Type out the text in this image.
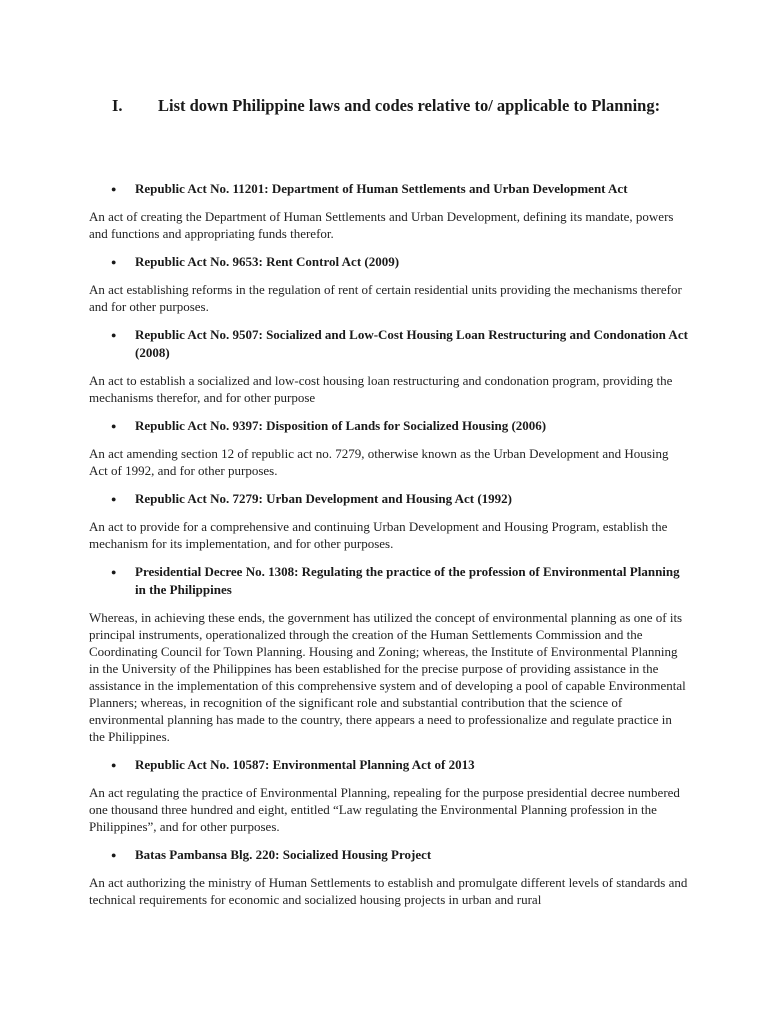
I.	List down Philippine laws and codes relative to/ applicable to Planning:
●	Republic Act No. 11201: Department of Human Settlements and Urban Development Act
An act of creating the Department of Human Settlements and Urban Development, defining its mandate, powers and functions and appropriating funds therefor.
●	Republic Act No. 9653: Rent Control Act (2009)
An act establishing reforms in the regulation of rent of certain residential units providing the mechanisms therefor and for other purposes.
●	Republic Act No. 9507: Socialized and Low-Cost Housing Loan Restructuring and Condonation Act (2008)
An act to establish a socialized and low-cost housing loan restructuring and condonation program, providing the mechanisms therefor, and for other purpose
●	Republic Act No. 9397: Disposition of Lands for Socialized Housing (2006)
An act amending section 12 of republic act no. 7279, otherwise known as the Urban Development and Housing Act of 1992, and for other purposes.
●	Republic Act No. 7279: Urban Development and Housing Act (1992)
An act to provide for a comprehensive and continuing Urban Development and Housing Program, establish the mechanism for its implementation, and for other purposes.
●	Presidential Decree No. 1308: Regulating the practice of the profession of Environmental Planning in the Philippines
Whereas, in achieving these ends, the government has utilized the concept of environmental planning as one of its principal instruments, operationalized through the creation of the Human Settlements Commission and the Coordinating Council for Town Planning. Housing and Zoning; whereas, the Institute of Environmental Planning in the University of the Philippines has been established for the precise purpose of providing assistance in the assistance in the implementation of this comprehensive system and of developing a pool of capable Environmental Planners; whereas, in recognition of the significant role and substantial contribution that the science of environmental planning has made to the country, there appears a need to professionalize and regulate practice in the Philippines.
●	Republic Act No. 10587: Environmental Planning Act of 2013
An act regulating the practice of Environmental Planning, repealing for the purpose presidential decree numbered one thousand three hundred and eight, entitled “Law regulating the Environmental Planning profession in the Philippines”, and for other purposes.
●	Batas Pambansa Blg. 220: Socialized Housing Project
An act authorizing the ministry of Human Settlements to establish and promulgate different levels of standards and technical requirements for economic and socialized housing projects in urban and rural
